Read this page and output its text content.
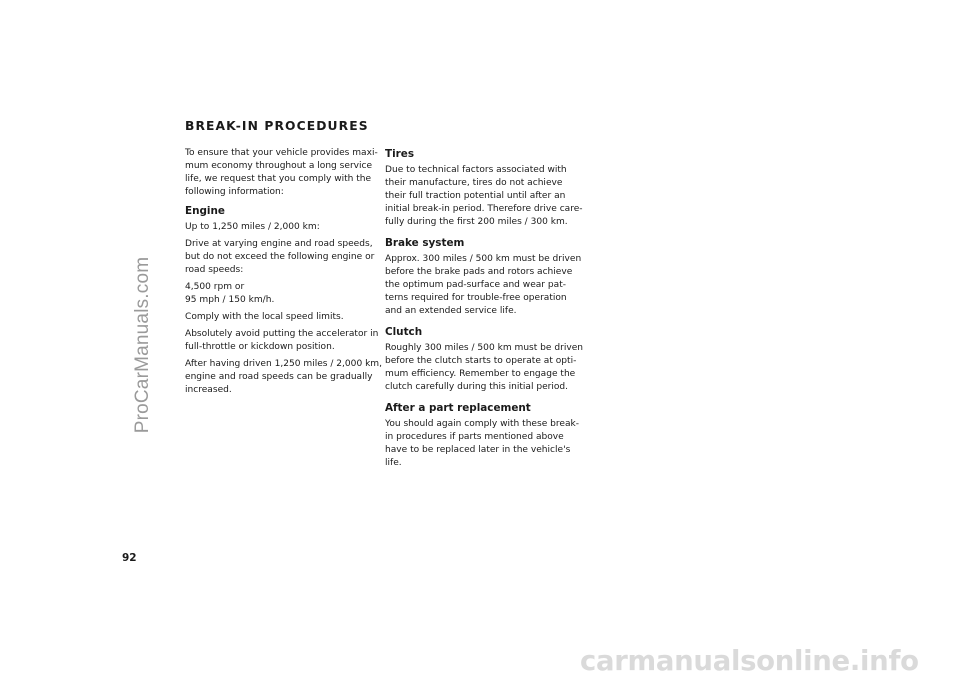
ProCarManuals.com
BREAK-IN PROCEDURES

To ensure that your vehicle provides maxi-
mum economy throughout a long service
life, we request that you comply with the
following information:

Engine

Up to 1,250 miles / 2,000 km:

Drive at varying engine and road speeds,
but do not exceed the following engine or
road speeds:

4,500 rpm or
95 mph / 150 km/h.

Comply with the local speed limits.

Absolutely avoid putting the accelerator in
full-throttle or kickdown position.

After having driven 1,250 miles / 2,000 km,
engine and road speeds can be gradually
increased.

Tires

Due to technical factors associated with
their manufacture, tires do not achieve
their full traction potential until after an
initial break-in period. Therefore drive care-
fully during the first 200 miles / 300 km.

Brake system

Approx. 300 miles / 500 km must be driven
before the brake pads and rotors achieve
the optimum pad-surface and wear pat-
terns required for trouble-free operation
and an extended service life.

Clutch

Roughly 300 miles / 500 km must be driven
before the clutch starts to operate at opti-
mum efficiency. Remember to engage the
clutch carefully during this initial period.

After a part replacement

You should again comply with these break-
in procedures if parts mentioned above
have to be replaced later in the vehicle's
life.

92
carmanualsonline.info
